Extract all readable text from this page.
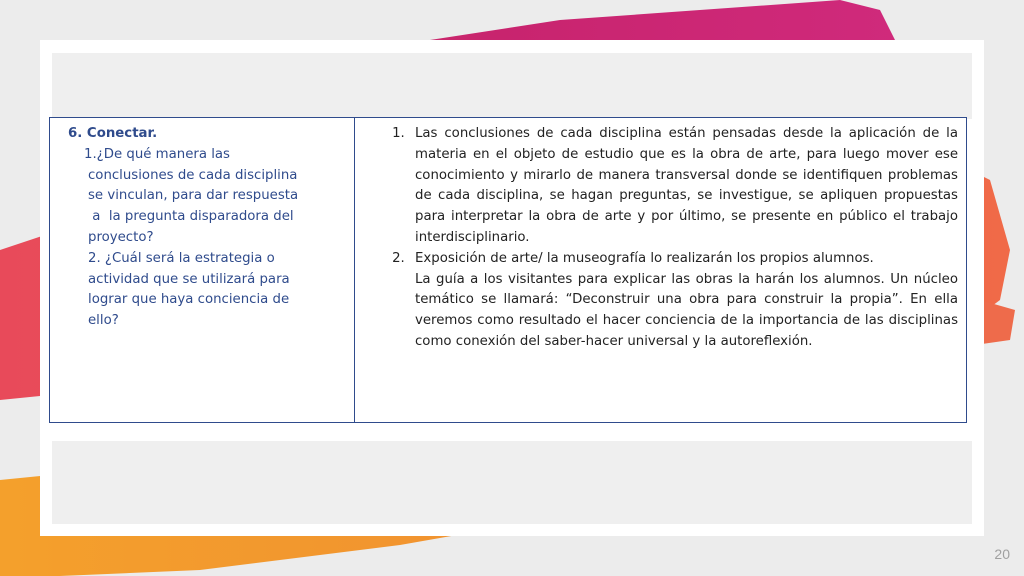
6. Conectar.
1.¿De qué manera las
conclusiones de cada disciplina
se vinculan, para dar respuesta
a  la pregunta disparadora del
proyecto?
2. ¿Cuál será la estrategia o
actividad que se utilizará para
lograr que haya conciencia de
ello?
1. Las conclusiones de cada disciplina están pensadas desde la aplicación de la materia en el objeto de estudio que es la obra de arte, para luego mover ese conocimiento y mirarlo de manera transversal donde se identifiquen problemas de cada disciplina, se hagan preguntas, se investigue, se apliquen propuestas para interpretar la obra de arte y por último, se presente en público el trabajo interdisciplinario.
2. Exposición de arte/ la museografía lo realizarán los propios alumnos.

La guía a los visitantes para explicar las obras la harán los alumnos. Un núcleo temático se llamará: “Deconstruir una obra para construir la propia”. En ella veremos como resultado el hacer conciencia de la importancia de las disciplinas como conexión del saber-hacer universal y la autoreflexión.

20
